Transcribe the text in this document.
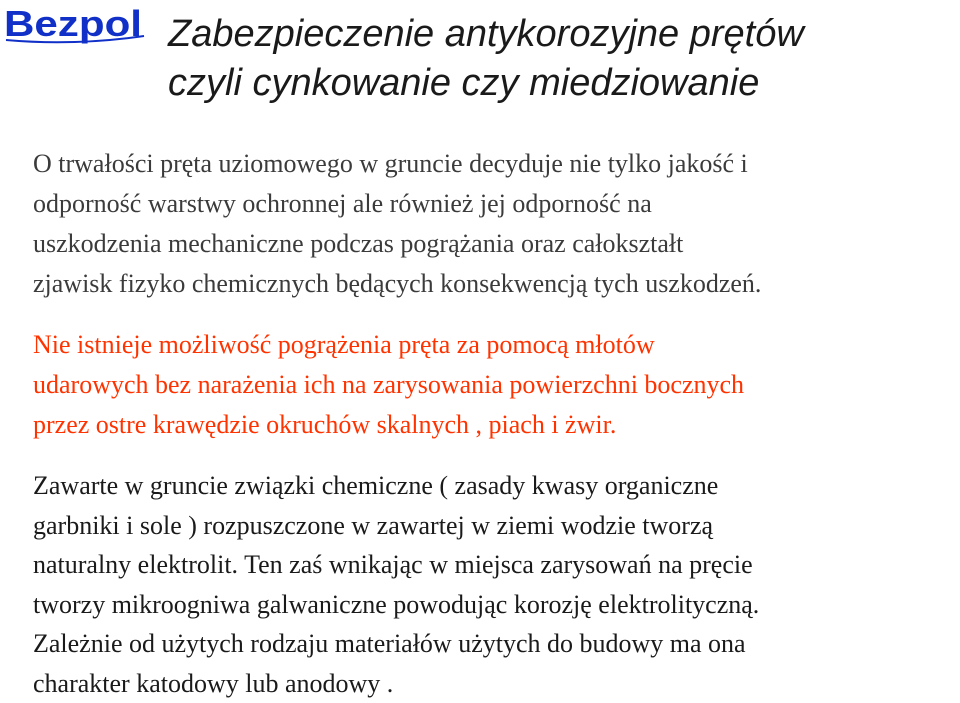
Bezpol Zabezpieczenie antykorozyjne prętów
czyli cynkowanie czy miedziowanie

O trwałości pręta uziomowego w gruncie decyduje nie tylko jakość i
odporność warstwy ochronnej ale również jej odporność na
uszkodzenia mechaniczne podczas pogrążania oraz całokształt
zjawisk fizyko chemicznych będących konsekwencją tych uszkodzeń.

Nie istnieje możliwość pogrążenia pręta za pomocą młotów
udarowych bez narażenia ich na zarysowania powierzchni bocznych
przez ostre krawędzie okruchów skalnych , piach i żwir.

Zawarte w gruncie związki chemiczne ( zasady kwasy organiczne
garbniki i sole ) rozpuszczone w zawartej w ziemi wodzie tworzą
naturalny elektrolit. Ten zaś wnikając w miejsca zarysowań na pręcie
tworzy mikroogniwa galwaniczne powodując korozję elektrolityczną.
Zależnie od użytych rodzaju materiałów użytych do budowy ma ona
charakter katodowy lub anodowy .
